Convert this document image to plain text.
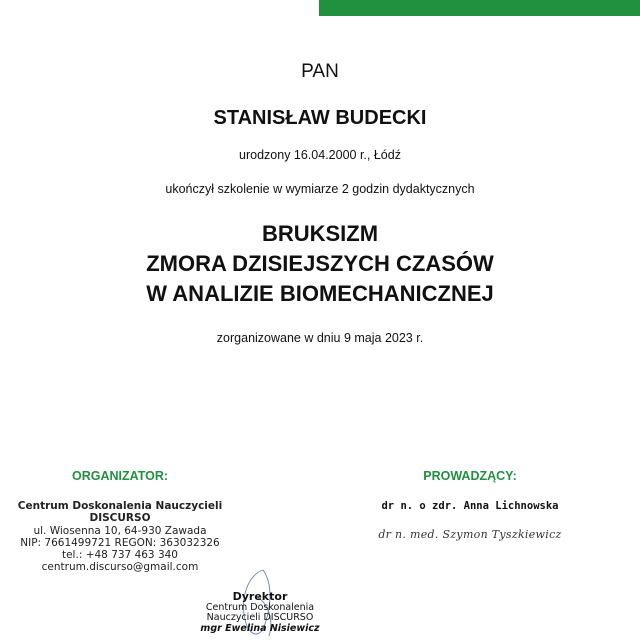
PAN
STANISŁAW BUDECKI
urodzony 16.04.2000 r., Łódź
ukończył szkolenie w wymiarze 2 godzin dydaktycznych
BRUKSIZM
ZMORA DZISIEJSZYCH CZASÓW
W ANALIZIE BIOMECHANICZNEJ
zorganizowane w dniu 9 maja 2023 r.
ORGANIZATOR:
Centrum Doskonalenia Nauczycieli
DISCURSO
ul. Wiosenna 10, 64-930 Zawada
NIP: 7661499721 REGON: 363032326
tel.: +48 737 463 340
centrum.discurso@gmail.com
PROWADZĄCY:
dr n. o zdr. Anna Lichnowska
dr n. med. Szymon Tyszkiewicz
Dyrektor
Centrum Doskonalenia
Nauczycieli DISCURSO
mgr Ewelina Nisiewicz
